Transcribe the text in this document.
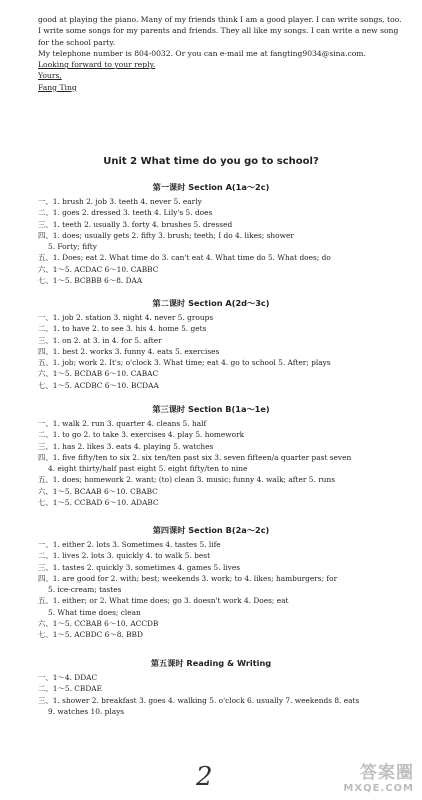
good at playing the piano. Many of my friends think I am a good player. I can write songs, too.
I write some songs for my parents and friends. They all like my songs. I can write a new song
for the school party.
My telephone number is 804-0032. Or you can e-mail me at fangting9034@sina.com.
Looking forward to your reply.
Yours,
Fang Ting
Unit 2 What time do you go to school?
第一课时 Section A(1a～2c)
一、1. brush 2. job 3. teeth 4. never 5. early
二、1. goes 2. dressed 3. teeth 4. Lily's 5. does
三、1. teeth 2. usually 3. forty 4. brushes 5. dressed
四、1. does; usually gets 2. fifty 3. brush; teeth; I do 4. likes; shower
5. Forty; fifty
五、1. Does; eat 2. What time do 3. can't eat 4. What time do 5. What does; do
六、1～5. ACDAC 6～10. CABBC
七、1～5. BCBBB 6～8. DAA
第二课时 Section A(2d～3c)
一、1. job 2. station 3. night 4. never 5. groups
二、1. to have 2. to see 3. his 4. home 5. gets
三、1. on 2. at 3. in 4. for 5. after
四、1. best 2. works 3. funny 4. eats 5. exercises
五、1. job; work 2. It's; o'clock 3. What time; eat 4. go to school 5. After; plays
六、1～5. BCDAB 6～10. CABAC
七、1～5. ACDBC 6～10. BCDAA
第三课时 Section B(1a～1e)
一、1. walk 2. run 3. quarter 4. cleans 5. half
二、1. to go 2. to take 3. exercises 4. play 5. homework
三、1. has 2. likes 3. eats 4. playing 5. watches
四、1. five fifty/ten to six 2. six ten/ten past six 3. seven fifteen/a quarter past seven
4. eight thirty/half past eight 5. eight fifty/ten to nine
五、1. does; homework 2. want; (to) clean 3. music; funny 4. walk; after 5. runs
六、1～5. BCAAB 6～10. CBABC
七、1～5. CCBAD 6～10. ADABC
第四课时 Section B(2a～2c)
一、1. either 2. lots 3. Sometimes 4. tastes 5. life
二、1. lives 2. lots 3. quickly 4. to walk 5. best
三、1. tastes 2. quickly 3. sometimes 4. games 5. lives
四、1. are good for 2. with; best; weekends 3. work; to 4. likes; hamburgers; for
5. ice-cream; tastes
五、1. either; or 2. What time does; go 3. doesn't work 4. Does; eat
5. What time does; clean
六、1～5. CCBAB 6～10. ACCDB
七、1～5. ACBDC 6～8. BBD
第五课时 Reading & Writing
一、1～4. DDAC
二、1～5. CBDAE
三、1. shower 2. breakfast 3. goes 4. walking 5. o'clock 6. usually 7. weekends 8. eats
9. watches 10. plays
2	答案圈
MXQE.COM
